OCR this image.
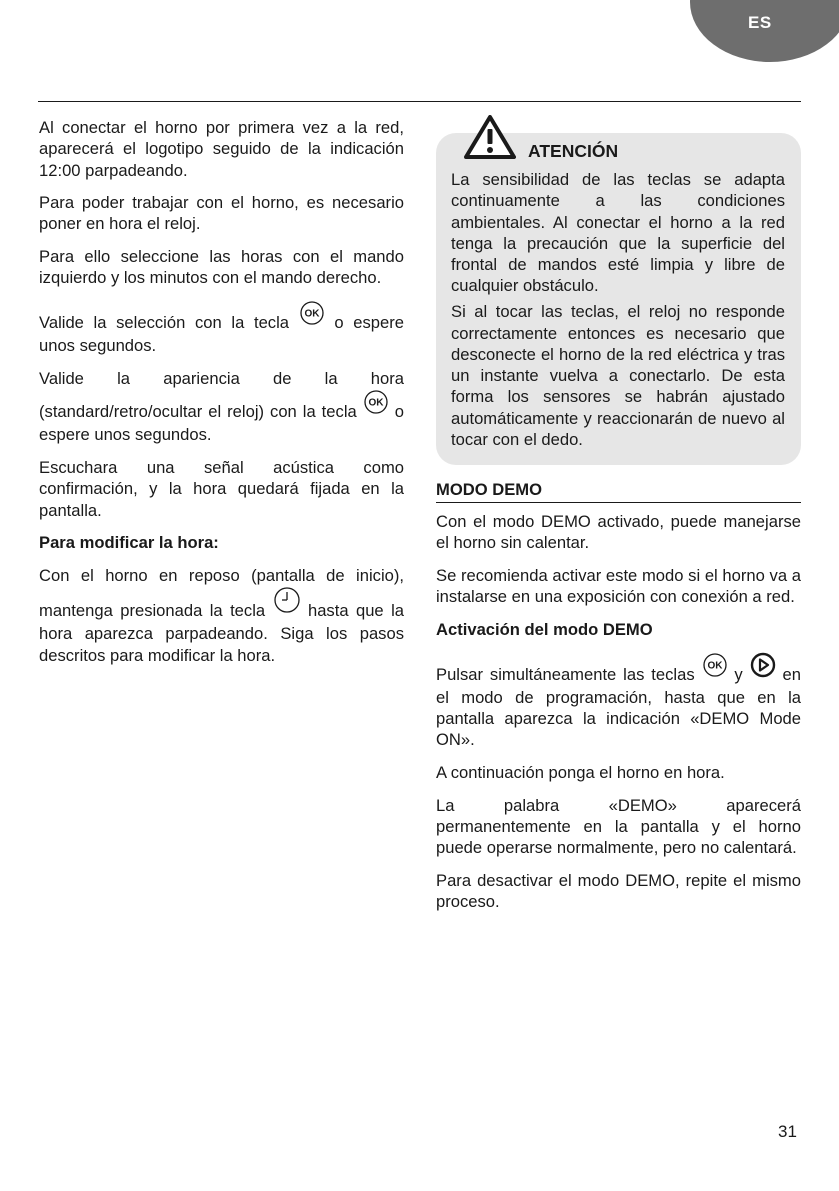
ES

Al conectar el horno por primera vez a la red, aparecerá el logotipo seguido de la indicación 12:00 parpadeando.

Para poder trabajar con el horno, es necesario poner en hora el reloj.

Para ello seleccione las horas con el mando izquierdo y los minutos con el mando derecho.

Valide la selección con la tecla OK o espere unos segundos.

Valide la apariencia de la hora (standard/retro/ocultar el reloj) con la tecla OK o espere unos segundos.

Escuchara una señal acústica como confirmación, y la hora quedará fijada en la pantalla.

Para modificar la hora:

Con el horno en reposo (pantalla de inicio), mantenga presionada la tecla	hasta que la hora aparezca parpadeando. Siga los pasos descritos para modificar la hora.

ATENCIÓN

La sensibilidad de las teclas se adapta continuamente a las condiciones ambientales. Al conectar el horno a la red tenga la precaución que la superficie del frontal de mandos esté limpia y libre de cualquier obstáculo.

Si al tocar las teclas, el reloj no responde correctamente entonces es necesario que desconecte el horno de la red eléctrica y tras un instante vuelva a conectarlo. De esta forma los sensores se habrán ajustado automáticamente y reaccionarán de nuevo al tocar con el dedo.

MODO DEMO

Con el modo DEMO activado, puede manejarse el horno sin calentar.

Se recomienda activar este modo si el horno va a instalarse en una exposición con conexión a red.

Activación del modo DEMO

Pulsar simultáneamente las teclas OK y en el modo de programación, hasta que en la pantalla aparezca la indicación «DEMO Mode ON».

A continuación ponga el horno en hora.

La palabra «DEMO» aparecerá permanentemente en la pantalla y el horno puede operarse normalmente, pero no calentará.

Para desactivar el modo DEMO, repite el mismo proceso.

31
